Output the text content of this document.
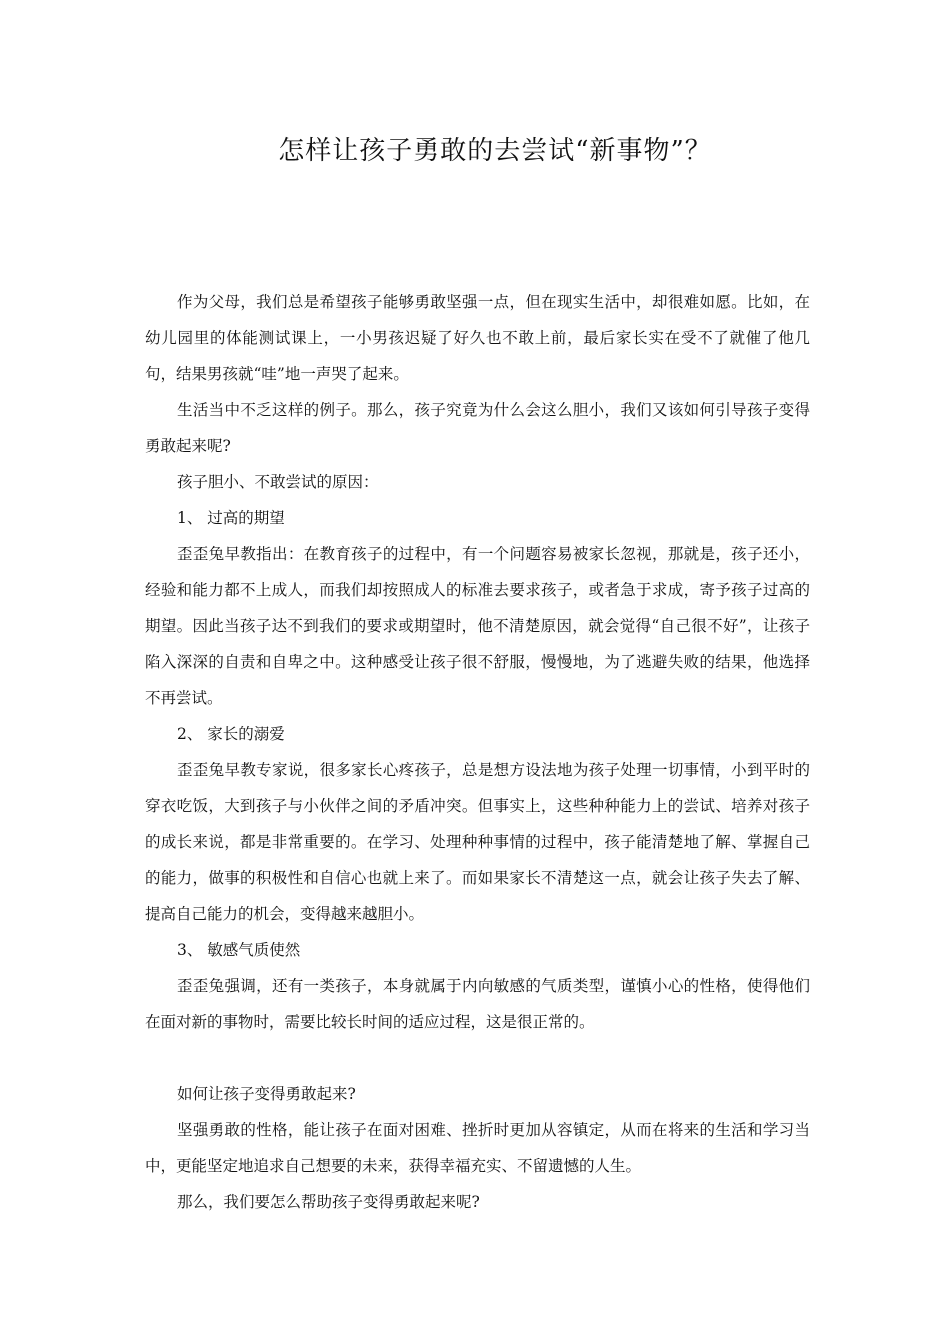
怎样让孩子勇敢的去尝试“新事物”？

作为父母，我们总是希望孩子能够勇敢坚强一点，但在现实生活中，却很难如愿。比如，在幼儿园里的体能测试课上，一小男孩迟疑了好久也不敢上前，最后家长实在受不了就催了他几句，结果男孩就“哇”地一声哭了起来。

生活当中不乏这样的例子。那么，孩子究竟为什么会这么胆小，我们又该如何引导孩子变得勇敢起来呢?

孩子胆小、不敢尝试的原因：

1、 过高的期望

歪歪兔早教指出：在教育孩子的过程中，有一个问题容易被家长忽视，那就是，孩子还小，经验和能力都不上成人，而我们却按照成人的标准去要求孩子，或者急于求成，寄予孩子过高的期望。因此当孩子达不到我们的要求或期望时，他不清楚原因，就会觉得“自己很不好”，让孩子陷入深深的自责和自卑之中。这种感受让孩子很不舒服，慢慢地，为了逃避失败的结果，他选择不再尝试。

2、 家长的溺爱

歪歪兔早教专家说，很多家长心疼孩子，总是想方设法地为孩子处理一切事情，小到平时的穿衣吃饭，大到孩子与小伙伴之间的矛盾冲突。但事实上，这些种种能力上的尝试、培养对孩子的成长来说，都是非常重要的。在学习、处理种种事情的过程中，孩子能清楚地了解、掌握自己的能力，做事的积极性和自信心也就上来了。而如果家长不清楚这一点，就会让孩子失去了解、提高自己能力的机会，变得越来越胆小。

3、 敏感气质使然

歪歪兔强调，还有一类孩子，本身就属于内向敏感的气质类型，谨慎小心的性格，使得他们在面对新的事物时，需要比较长时间的适应过程，这是很正常的。

如何让孩子变得勇敢起来?

坚强勇敢的性格，能让孩子在面对困难、挫折时更加从容镇定，从而在将来的生活和学习当中，更能坚定地追求自己想要的未来，获得幸福充实、不留遗憾的人生。

那么，我们要怎么帮助孩子变得勇敢起来呢?
